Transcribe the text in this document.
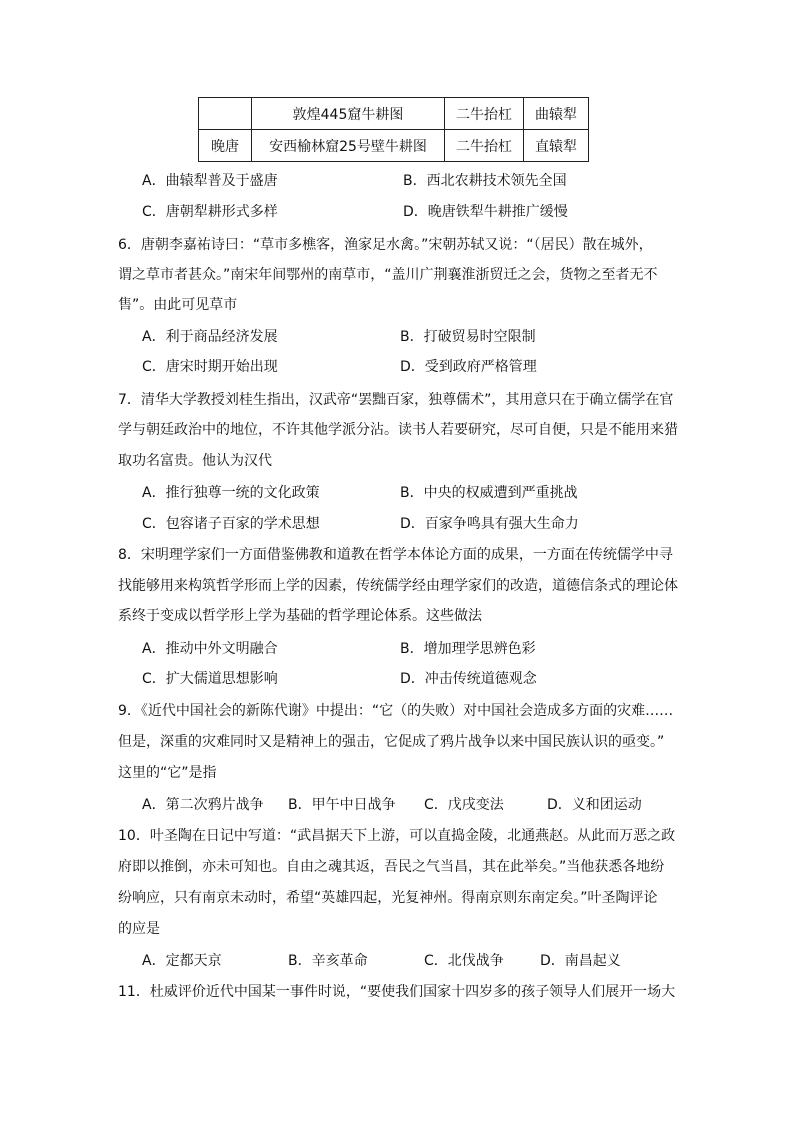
	敦煌445窟牛耕图	二牛抬杠	曲辕犁
晚唐	安西榆林窟25号壁牛耕图	二牛抬杠	直辕犁
A．曲辕犁普及于盛唐	B．西北农耕技术领先全国
C．唐朝犁耕形式多样	D．晚唐铁犁牛耕推广缓慢
6．唐朝李嘉祐诗曰：“草市多樵客，渔家足水禽。”宋朝苏轼又说：“（居民）散在城外，
谓之草市者甚众。”南宋年间鄂州的南草市，“盖川广荆襄淮浙贸迁之会，货物之至者无不
售”。由此可见草市
A．利于商品经济发展	B．打破贸易时空限制
C．唐宋时期开始出现	D．受到政府严格管理
7．清华大学教授刘桂生指出，汉武帝“罢黜百家，独尊儒术”，其用意只在于确立儒学在官
学与朝廷政治中的地位，不许其他学派分沾。读书人若要研究，尽可自便，只是不能用来猎
取功名富贵。他认为汉代
A．推行独尊一统的文化政策	B．中央的权威遭到严重挑战
C．包容诸子百家的学术思想	D．百家争鸣具有强大生命力
8．宋明理学家们一方面借鉴佛教和道教在哲学本体论方面的成果，一方面在传统儒学中寻
找能够用来构筑哲学形而上学的因素，传统儒学经由理学家们的改造，道德信条式的理论体
系终于变成以哲学形上学为基础的哲学理论体系。这些做法
A．推动中外文明融合	B．增加理学思辨色彩
C．扩大儒道思想影响	D．冲击传统道德观念
9．《近代中国社会的新陈代谢》中提出：“它（的失败）对中国社会造成多方面的灾难……
但是，深重的灾难同时又是精神上的强击，它促成了鸦片战争以来中国民族认识的亟变。”
这里的“它”是指
A．第二次鸦片战争 B．甲午中日战争 C．戊戌变法	D．义和团运动
10．叶圣陶在日记中写道：“武昌据天下上游，可以直捣金陵，北通燕赵。从此而万恶之政
府即以推倒，亦未可知也。自由之魂其返，吾民之气当昌，其在此举矣。”当他获悉各地纷
纷响应，只有南京未动时，希望“英雄四起，光复神州。得南京则东南定矣。”叶圣陶评论
的应是
A．定都天京	B．辛亥革命	C．北伐战争	D．南昌起义
11．杜威评价近代中国某一事件时说，“要使我们国家十四岁多的孩子领导人们展开一场大
